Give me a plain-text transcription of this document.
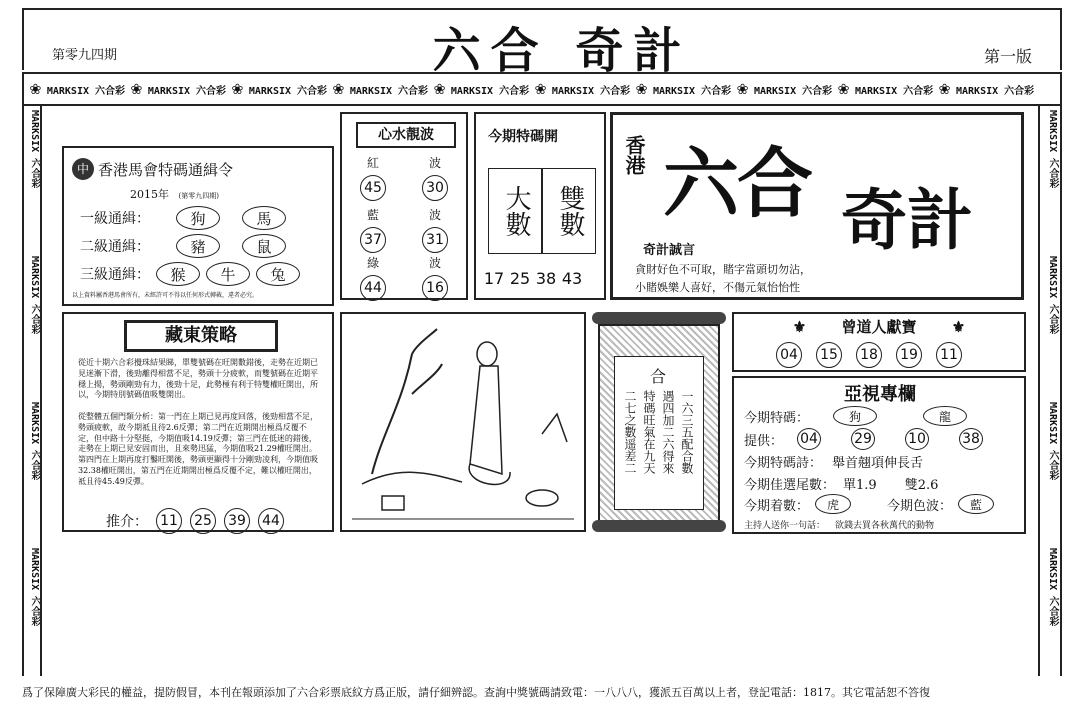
第零九四期	六合 奇計	第一版
❀ MARKSIX 六合彩 ❀ MARKSIX 六合彩 ❀ MARKSIX 六合彩 ❀ MARKSIX 六合彩 ❀ MARKSIX 六合彩 ❀ MARKSIX 六合彩 ❀ MARKSIX 六合彩 ❀ MARKSIX 六合彩 ❀ MARKSIX 六合彩 ❀ MARKSIX 六合彩
MARKSIX 六合彩
MARKSIX 六合彩
MARKSIX 六合彩
MARKSIX 六合彩
MARKSIX 六合彩
MARKSIX 六合彩
MARKSIX 六合彩
MARKSIX 六合彩
中 香港馬會特碼通緝令
2015年 (第零九四期)
一級通緝：	狗	馬
二級通緝：	豬	鼠
三級通緝：	猴	牛	兔
以上資料屬香港馬會所有，未經許可不得以任何形式轉載，違者必究。
心水靚波
紅	波
45	30
藍	波
37	31
綠	波
44	16
今期特碼開
大數 雙數
17 25 38 43
香港 六合 奇計
奇計誠言
貪財好色不可取，賭字當頭切勿沾，
小賭娛樂人喜好，不傷元氣怡怡性
藏東策略
從近十期六合彩攪珠結果睇，單雙號碼在旺開數錯後，走勢在近期已見迷漸下滑，後勁離得相當不足，勢頭十分疲軟，而雙號碼在近期平穩上揚，勢頭剛勁有力，後勁十足，此勢極有利于特雙權旺開出，所以，今期特別號碼值吸雙開出。
從整體五個門類分析：第一門在上期已見再度回落，後勁相當不足，勢頭疲軟，故今期祗且待2.6反彈；第二門在近期開出極爲反覆不定，但中路十分堅挺，今期值吸14.19反彈；第三門在低迷的錯後，走勢在上期已見安固而出，且來勢迅猛，今期值吸21.29權旺開出。第四門在上期再度打鑿旺開後，勢頭更顯得十分剛勁凌利，今期值吸32.38權旺開出，第五門在近期開出極爲反覆不定，難以權旺開出，祗且待45.49反彈。
推介： 11 25 39 44
合
一六三五配合數
遇四加二六得來
特碼旺氣在九天
二七之數遥差二
⚜ 曾道人獻寶 ⚜
04 15 18 19 11
亞視專欄
今期特碼：	狗	龍
提供： 04	29	10	38
今期特碼詩： 舉首翹項伸長舌
今期佳選尾數： 單1.9 雙2.6
今期着數：	虎	今期色波：	藍
主持人送你一句話： 欲錢去買各秋萬代的動物
爲了保障廣大彩民的權益，提防假冒，本刊在報頭添加了六合彩票底紋方爲正版，請仔細辨認。查詢中獎號碼請致電：一八八八，獲派五百萬以上者，登記電話：1817。其它電話恕不答復
